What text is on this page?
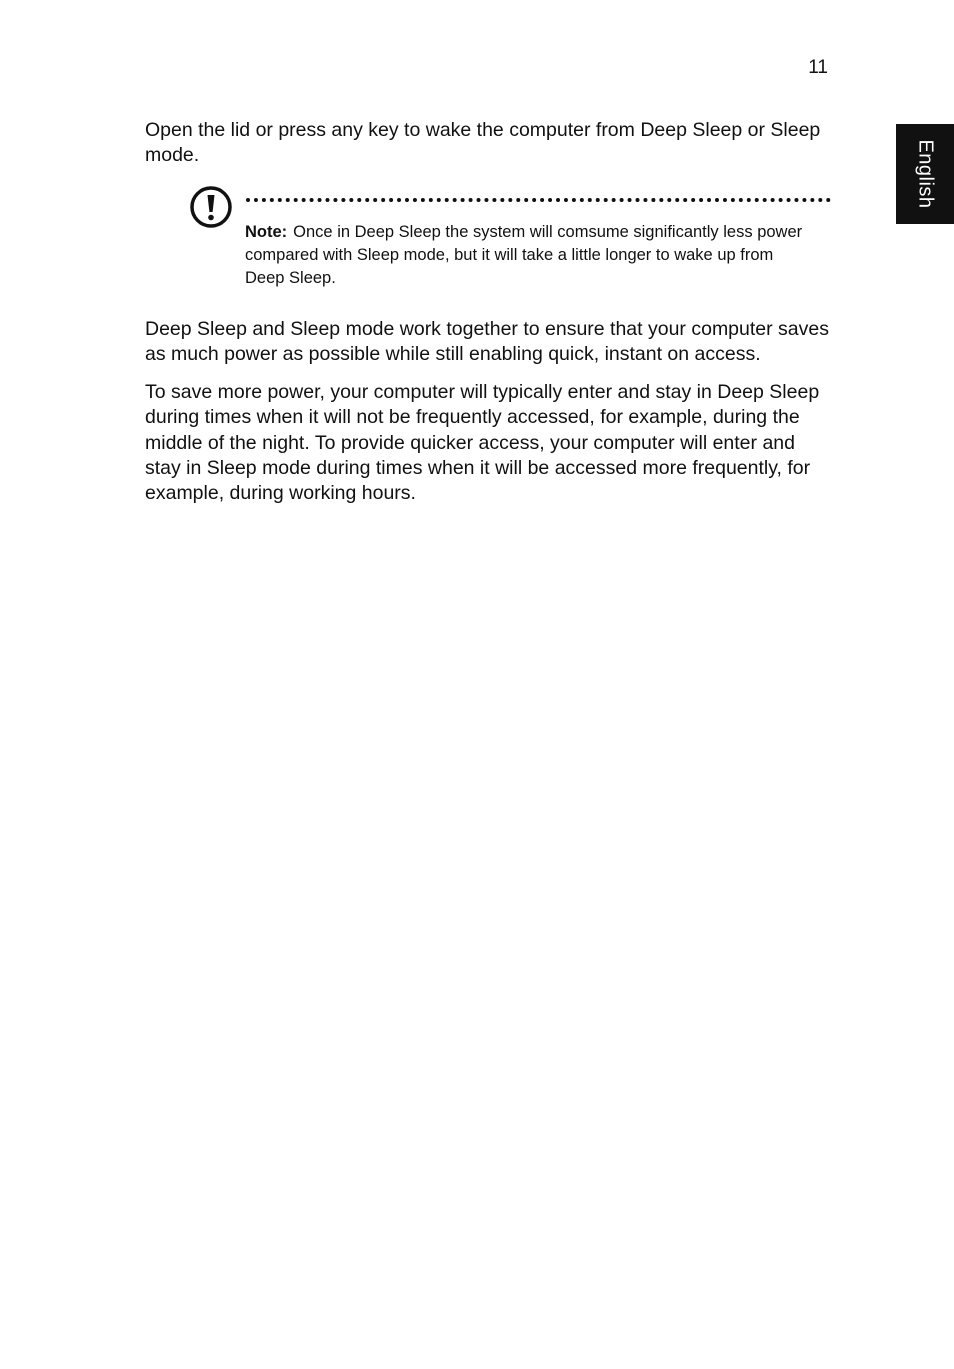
11
English

Open the lid or press any key to wake the computer from Deep Sleep or Sleep mode.

Note: Once in Deep Sleep the system will comsume significantly less power compared with Sleep mode, but it will take a little longer to wake up from Deep Sleep.

Deep Sleep and Sleep mode work together to ensure that your computer saves as much power as possible while still enabling quick, instant on access.

To save more power, your computer will typically enter and stay in Deep Sleep during times when it will not be frequently accessed, for example, during the middle of the night. To provide quicker access, your computer will enter and stay in Sleep mode during times when it will be accessed more frequently, for example, during working hours.
